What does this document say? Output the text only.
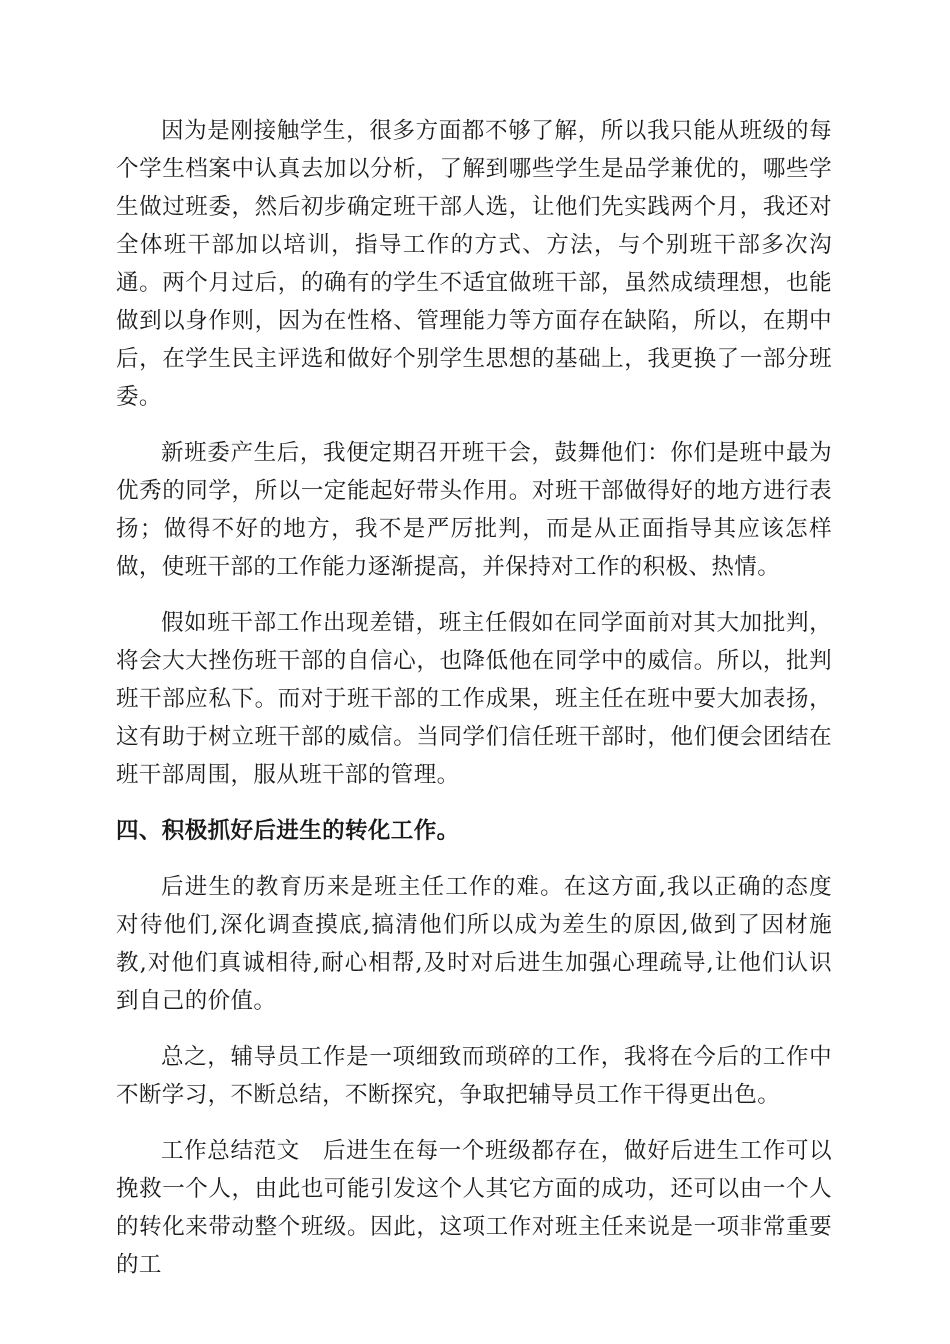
因为是刚接触学生，很多方面都不够了解，所以我只能从班级的每个学生档案中认真去加以分析，了解到哪些学生是品学兼优的，哪些学生做过班委，然后初步确定班干部人选，让他们先实践两个月，我还对全体班干部加以培训，指导工作的方式、方法，与个别班干部多次沟通。两个月过后，的确有的学生不适宜做班干部，虽然成绩理想，也能做到以身作则，因为在性格、管理能力等方面存在缺陷，所以，在期中后，在学生民主评选和做好个别学生思想的基础上，我更换了一部分班委。

新班委产生后，我便定期召开班干会，鼓舞他们：你们是班中最为优秀的同学，所以一定能起好带头作用。对班干部做得好的地方进行表扬；做得不好的地方，我不是严厉批判，而是从正面指导其应该怎样做，使班干部的工作能力逐渐提高，并保持对工作的积极、热情。

假如班干部工作出现差错，班主任假如在同学面前对其大加批判，将会大大挫伤班干部的自信心，也降低他在同学中的威信。所以，批判班干部应私下。而对于班干部的工作成果，班主任在班中要大加表扬，这有助于树立班干部的威信。当同学们信任班干部时，他们便会团结在班干部周围，服从班干部的管理。

四、积极抓好后进生的转化工作。

后进生的教育历来是班主任工作的难。在这方面,我以正确的态度对待他们,深化调查摸底,搞清他们所以成为差生的原因,做到了因材施教,对他们真诚相待,耐心相帮,及时对后进生加强心理疏导,让他们认识到自己的价值。

总之，辅导员工作是一项细致而琐碎的工作，我将在今后的工作中不断学习，不断总结，不断探究，争取把辅导员工作干得更出色。

工作总结范文　后进生在每一个班级都存在，做好后进生工作可以挽救一个人，由此也可能引发这个人其它方面的成功，还可以由一个人的转化来带动整个班级。因此，这项工作对班主任来说是一项非常重要的工
